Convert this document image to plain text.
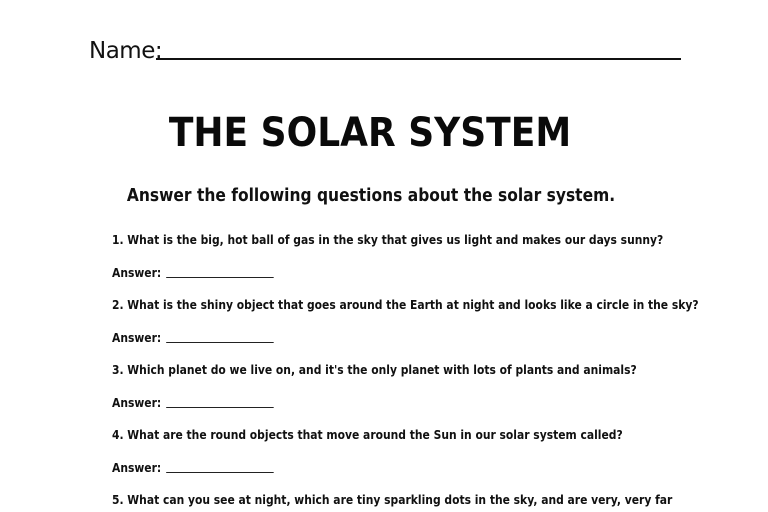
Name:
THE SOLAR SYSTEM
Answer the following questions about the solar system.
1. What is the big, hot ball of gas in the sky that gives us light and makes our days sunny?
Answer:
2. What is the shiny object that goes around the Earth at night and looks like a circle in the sky?
Answer:
3. Which planet do we live on, and it's the only planet with lots of plants and animals?
Answer:
4. What are the round objects that move around the Sun in our solar system called?
Answer:
5. What can you see at night, which are tiny sparkling dots in the sky, and are very, very far
